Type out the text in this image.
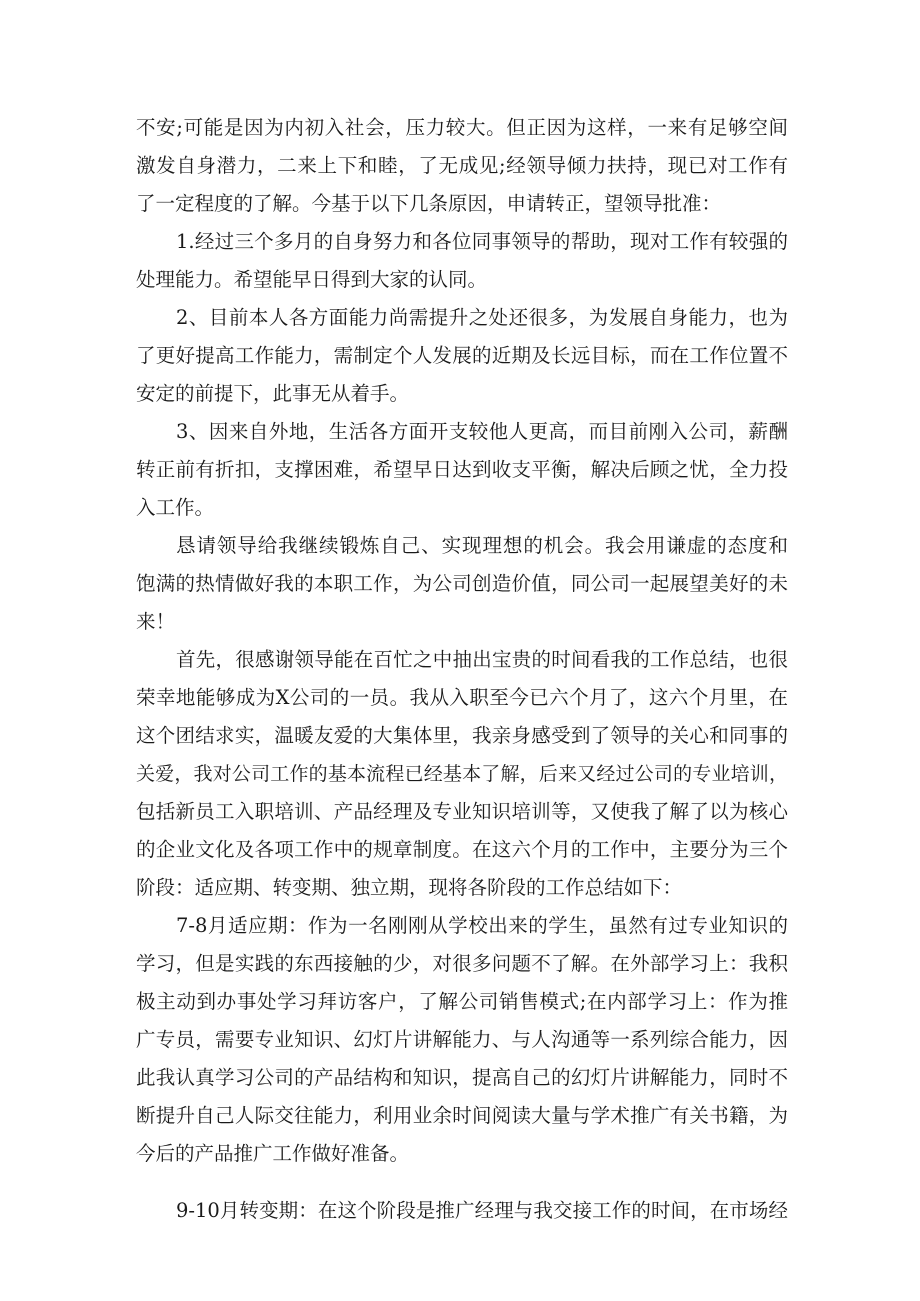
不安;可能是因为内初入社会，压力较大。但正因为这样，一来有足够空间
激发自身潜力，二来上下和睦，了无成见;经领导倾力扶持，现已对工作有
了一定程度的了解。今基于以下几条原因，申请转正，望领导批准：
1.经过三个多月的自身努力和各位同事领导的帮助，现对工作有较强的
处理能力。希望能早日得到大家的认同。
2、目前本人各方面能力尚需提升之处还很多，为发展自身能力，也为
了更好提高工作能力，需制定个人发展的近期及长远目标，而在工作位置不
安定的前提下，此事无从着手。
3、因来自外地，生活各方面开支较他人更高，而目前刚入公司，薪酬
转正前有折扣，支撑困难，希望早日达到收支平衡，解决后顾之忧，全力投
入工作。
恳请领导给我继续锻炼自己、实现理想的机会。我会用谦虚的态度和
饱满的热情做好我的本职工作，为公司创造价值，同公司一起展望美好的未
来！
首先，很感谢领导能在百忙之中抽出宝贵的时间看我的工作总结，也很
荣幸地能够成为X公司的一员。我从入职至今已六个月了，这六个月里，在
这个团结求实，温暖友爱的大集体里，我亲身感受到了领导的关心和同事的
关爱，我对公司工作的基本流程已经基本了解，后来又经过公司的专业培训，
包括新员工入职培训、产品经理及专业知识培训等，又使我了解了以为核心
的企业文化及各项工作中的规章制度。在这六个月的工作中，主要分为三个
阶段：适应期、转变期、独立期，现将各阶段的工作总结如下：
7-8月适应期：作为一名刚刚从学校出来的学生，虽然有过专业知识的
学习，但是实践的东西接触的少，对很多问题不了解。在外部学习上：我积
极主动到办事处学习拜访客户，了解公司销售模式;在内部学习上：作为推
广专员，需要专业知识、幻灯片讲解能力、与人沟通等一系列综合能力，因
此我认真学习公司的产品结构和知识，提高自己的幻灯片讲解能力，同时不
断提升自己人际交往能力，利用业余时间阅读大量与学术推广有关书籍，为
今后的产品推广工作做好准备。
9-10月转变期：在这个阶段是推广经理与我交接工作的时间，在市场经
